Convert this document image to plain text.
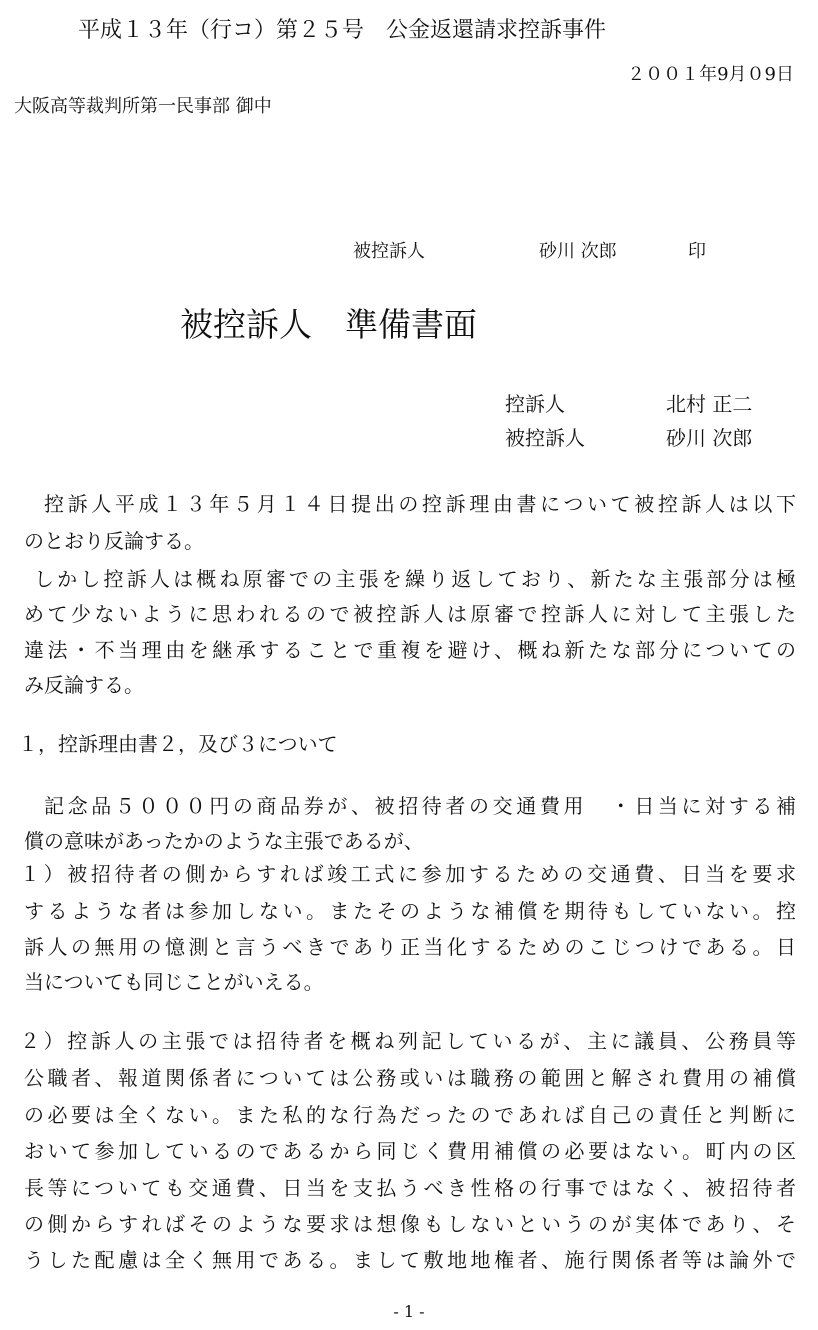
平成１３年（行コ）第２５号　公金返還請求控訴事件
２００１年9月０9日
大阪高等裁判所第一民事部 御中
被控訴人	砂川 次郎	印
被控訴人　準備書面
控訴人	北村 正二
被控訴人	砂川 次郎
控訴人平成１３年５月１４日提出の控訴理由書について被控訴人は以下
のとおり反論する。
しかし控訴人は概ね原審での主張を繰り返しており、新たな主張部分は極
めて少ないように思われるので被控訴人は原審で控訴人に対して主張した
違法・不当理由を継承することで重複を避け、概ね新たな部分についての
み反論する。
１，控訴理由書２，及び３について
記念品５０００円の商品券が、被招待者の交通費用　・日当に対する補
償の意味があったかのような主張であるが、
１）被招待者の側からすれば竣工式に参加するための交通費、日当を要求
するような者は参加しない。またそのような補償を期待もしていない。控
訴人の無用の憶測と言うべきであり正当化するためのこじつけである。日
当についても同じことがいえる。
２）控訴人の主張では招待者を概ね列記しているが、主に議員、公務員等
公職者、報道関係者については公務或いは職務の範囲と解され費用の補償
の必要は全くない。また私的な行為だったのであれば自己の責任と判断に
おいて参加しているのであるから同じく費用補償の必要はない。町内の区
長等についても交通費、日当を支払うべき性格の行事ではなく、被招待者
の側からすればそのような要求は想像もしないというのが実体であり、そ
うした配慮は全く無用である。まして敷地地権者、施行関係者等は論外で
- 1 -
